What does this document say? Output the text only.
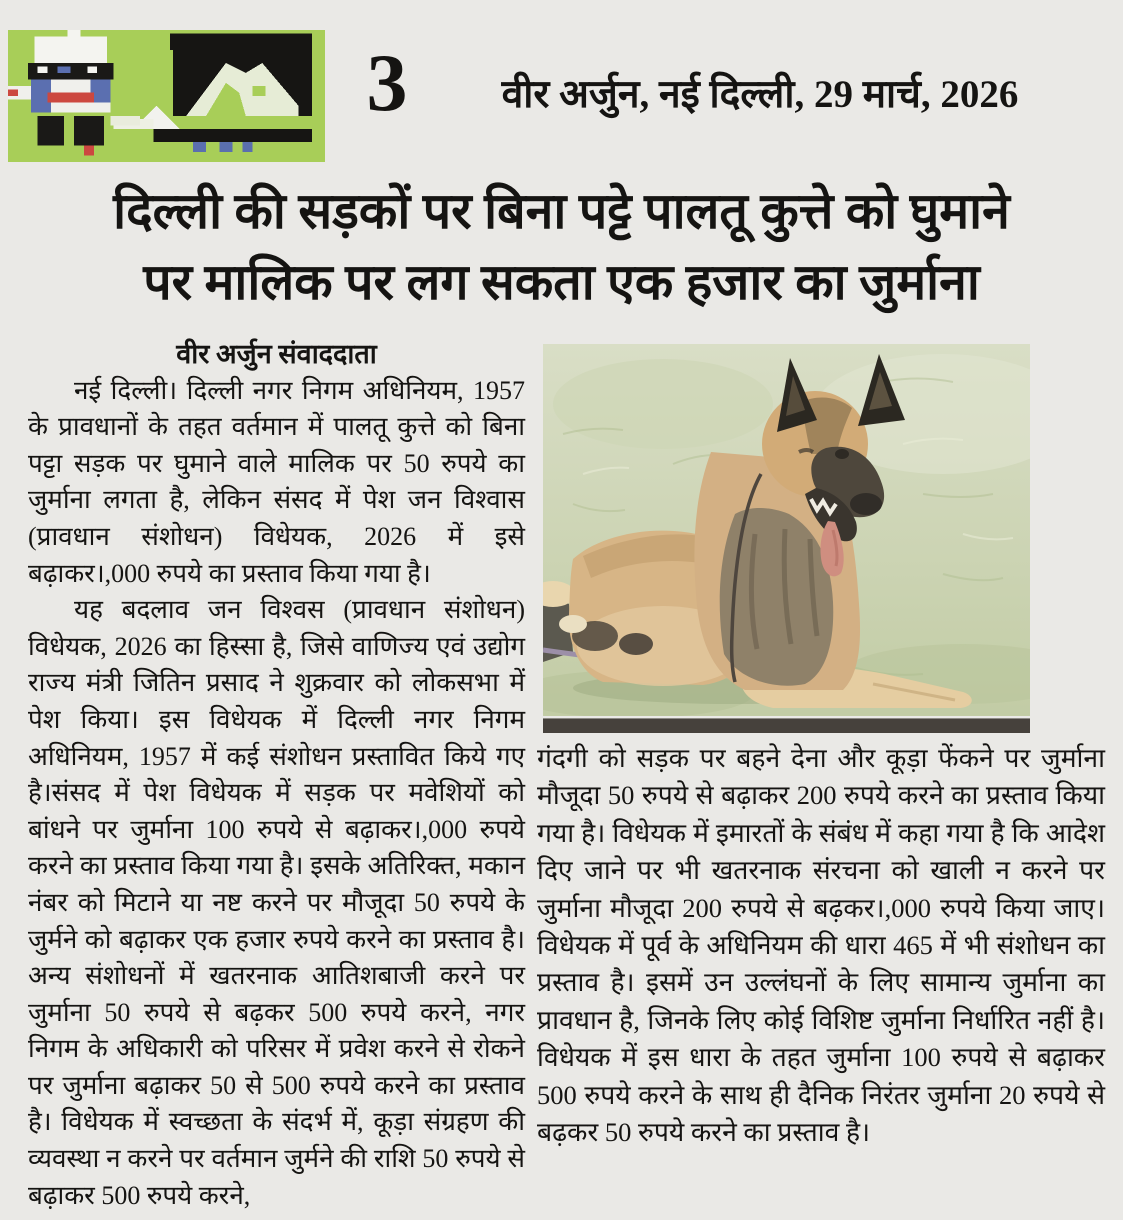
3	वीर अर्जुन, नई दिल्ली, 29 मार्च, 2026
दिल्ली की सड़कों पर बिना पट्टे पालतू कुत्ते को घुमाने
पर मालिक पर लग सकता एक हजार का जुर्माना

वीर अर्जुन संवाददाता

नई दिल्ली। दिल्ली नगर निगम अधिनियम, 1957 के प्रावधानों के तहत वर्तमान में पालतू कुत्ते को बिना पट्टा सड़क पर घुमाने वाले मालिक पर 50 रुपये का जुर्माना लगता है, लेकिन संसद में पेश जन विश्वास (प्रावधान संशोधन) विधेयक, 2026 में इसे बढ़ाकर।,000 रुपये का प्रस्ताव किया गया है।

यह बदलाव जन विश्वस (प्रावधान संशोधन) विधेयक, 2026 का हिस्सा है, जिसे वाणिज्य एवं उद्योग राज्य मंत्री जितिन प्रसाद ने शुक्रवार को लोकसभा में पेश किया। इस विधेयक में दिल्ली नगर निगम अधिनियम, 1957 में कई संशोधन प्रस्तावित किये गए है।संसद में पेश विधेयक में सड़क पर मवेशियों को बांधने पर जुर्माना 100 रुपये से बढ़ाकर।,000 रुपये करने का प्रस्ताव किया गया है। इसके अतिरिक्त, मकान नंबर को मिटाने या नष्ट करने पर मौजूदा 50 रुपये के जुर्मने को बढ़ाकर एक हजार रुपये करने का प्रस्ताव है। अन्य संशोधनों में खतरनाक आतिशबाजी करने पर जुर्माना 50 रुपये से बढ़कर 500 रुपये करने, नगर निगम के अधिकारी को परिसर में प्रवेश करने से रोकने पर जुर्माना बढ़ाकर 50 से 500 रुपये करने का प्रस्ताव है। विधेयक में स्वच्छता के संदर्भ में, कूड़ा संग्रहण की व्यवस्था न करने पर वर्तमान जुर्मने की राशि 50 रुपये से बढ़ाकर 500 रुपये करने,

गंदगी को सड़क पर बहने देना और कूड़ा फेंकने पर जुर्माना मौजूदा 50 रुपये से बढ़ाकर 200 रुपये करने का प्रस्ताव किया गया है। विधेयक में इमारतों के संबंध में कहा गया है कि आदेश दिए जाने पर भी खतरनाक संरचना को खाली न करने पर जुर्माना मौजूदा 200 रुपये से बढ़कर।,000 रुपये किया जाए। विधेयक में पूर्व के अधिनियम की धारा 465 में भी संशोधन का प्रस्ताव है। इसमें उन उल्लंघनों के लिए सामान्य जुर्माना का प्रावधान है, जिनके लिए कोई विशिष्ट जुर्माना निर्धारित नहीं है। विधेयक में इस धारा के तहत जुर्माना 100 रुपये से बढ़ाकर 500 रुपये करने के साथ ही दैनिक निरंतर जुर्माना 20 रुपये से बढ़कर 50 रुपये करने का प्रस्ताव है।
